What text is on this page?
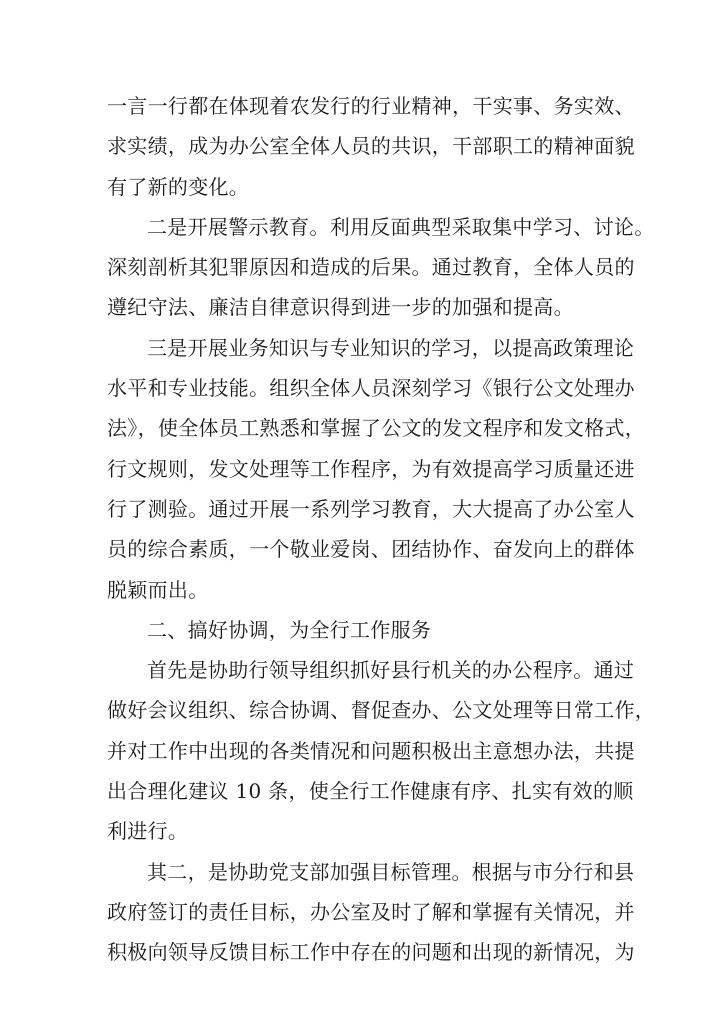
一言一行都在体现着农发行的行业精神，干实事、务实效、
求实绩，成为办公室全体人员的共识，干部职工的精神面貌
有了新的变化。
二是开展警示教育。利用反面典型采取集中学习、讨论。
深刻剖析其犯罪原因和造成的后果。通过教育，全体人员的
遵纪守法、廉洁自律意识得到进一步的加强和提高。
三是开展业务知识与专业知识的学习，以提高政策理论
水平和专业技能。组织全体人员深刻学习《银行公文处理办
法》，使全体员工熟悉和掌握了公文的发文程序和发文格式，
行文规则，发文处理等工作程序，为有效提高学习质量还进
行了测验。通过开展一系列学习教育，大大提高了办公室人
员的综合素质，一个敬业爱岗、团结协作、奋发向上的群体
脱颖而出。
二、搞好协调，为全行工作服务
首先是协助行领导组织抓好县行机关的办公程序。通过
做好会议组织、综合协调、督促查办、公文处理等日常工作，
并对工作中出现的各类情况和问题积极出主意想办法，共提
出合理化建议 10 条，使全行工作健康有序、扎实有效的顺
利进行。
其二，是协助党支部加强目标管理。根据与市分行和县
政府签订的责任目标，办公室及时了解和掌握有关情况，并
积极向领导反馈目标工作中存在的问题和出现的新情况，为
